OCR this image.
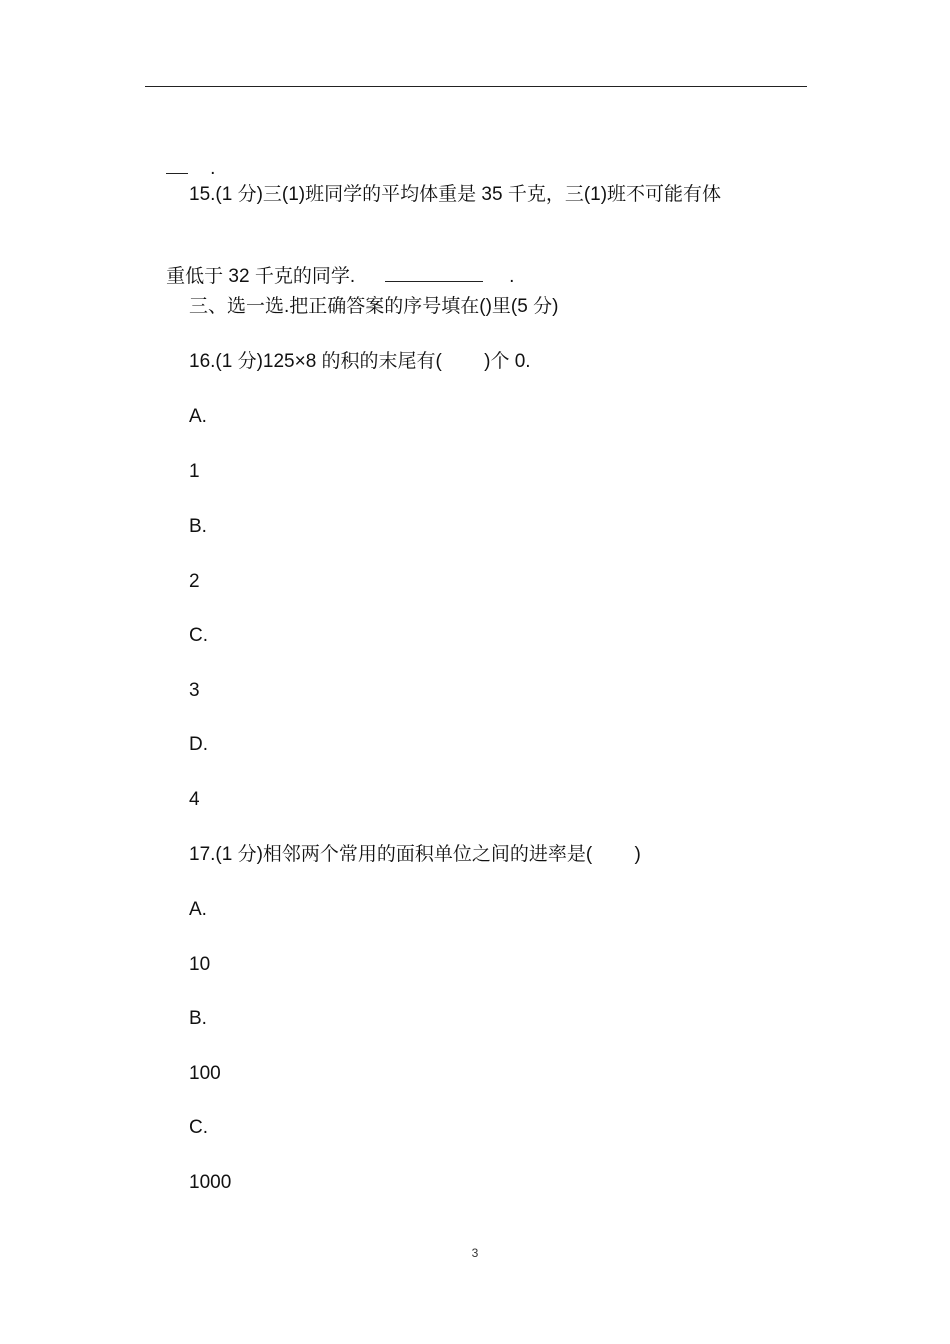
.

15.(1 分)三(1)班同学的平均体重是 35 千克，三(1)班不可能有体

重低于 32 千克的同学.	.

三、选一选.把正确答案的序号填在()里(5 分)
16.(1 分)125×8 的积的末尾有(        )个 0.
A.
1
B.
2
C.
3
D.
4
17.(1 分)相邻两个常用的面积单位之间的进率是(        )
A.
10
B.
100
C.
1000
3
